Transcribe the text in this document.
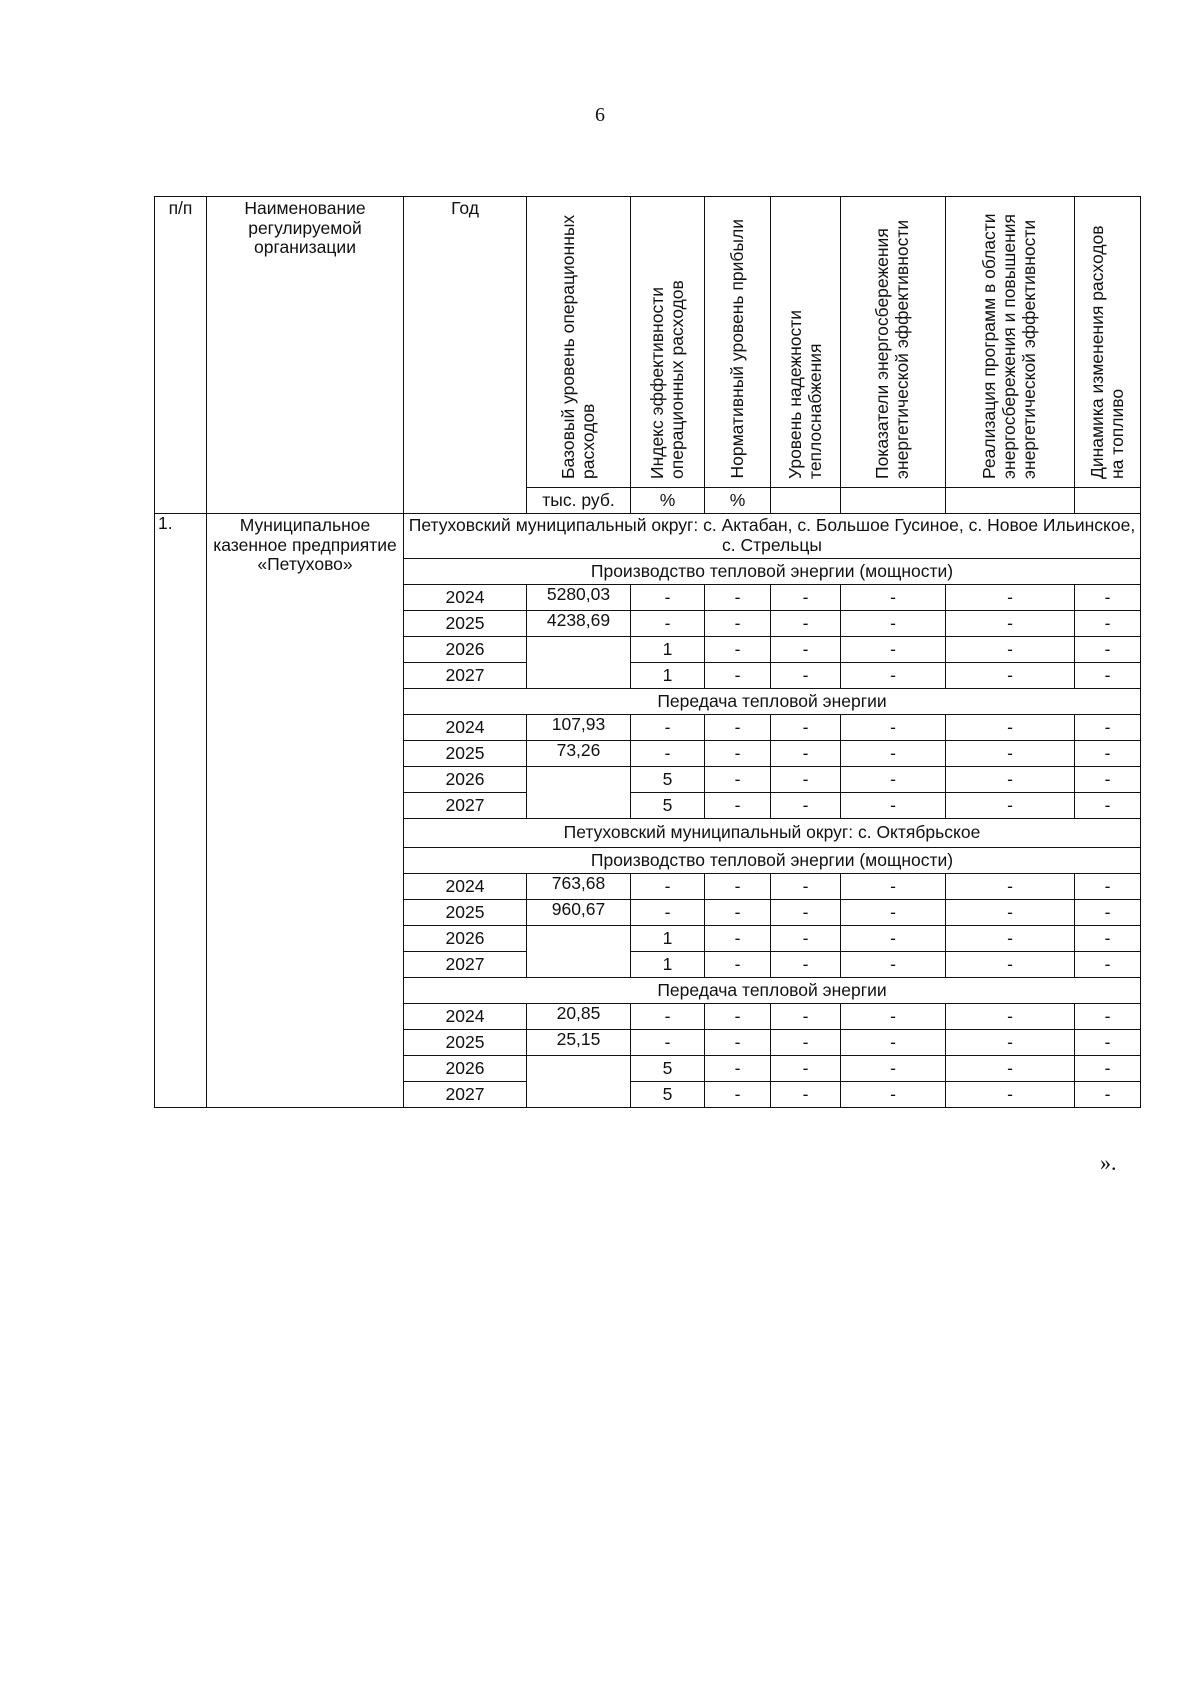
6
п/п	Наименование регулируемой организации	Год	Базовый уровень операционных расходов	Индекс эффективности операционных расходов	Нормативный уровень прибыли	Уровень надежности теплоснабжения	Показатели энергосбережения энергетической эффективности	Реализация программ в области энергосбережения и повышения энергетической эффективности	Динамика изменения расходов на топливо

			тыс. руб.	%	%				
1.	Муниципальное казенное предприятие «Петухово»	Петуховский муниципальный округ: с. Актабан, с. Большое Гусиное, с. Новое Ильинское, с. Стрельцы							
		Производство тепловой энергии (мощности)							
		2024	5280,03	-	-	-	-	-	-
		2025	4238,69	-	-	-	-	-	-
		2026		1	-	-	-	-	-
		2027		1	-	-	-	-	-
		Передача тепловой энергии							
		2024	107,93	-	-	-	-	-	-
		2025	73,26	-	-	-	-	-	-
		2026		5	-	-	-	-	-
		2027		5	-	-	-	-	-
		Петуховский муниципальный округ: с. Октябрьское							
		Производство тепловой энергии (мощности)							
		2024	763,68	-	-	-	-	-	-
		2025	960,67	-	-	-	-	-	-
		2026		1	-	-	-	-	-
		2027		1	-	-	-	-	-
		Передача тепловой энергии							
		2024	20,85	-	-	-	-	-	-
		2025	25,15	-	-	-	-	-	-
		2026		5	-	-	-	-	-
		2027		5	-	-	-	-	-
».
